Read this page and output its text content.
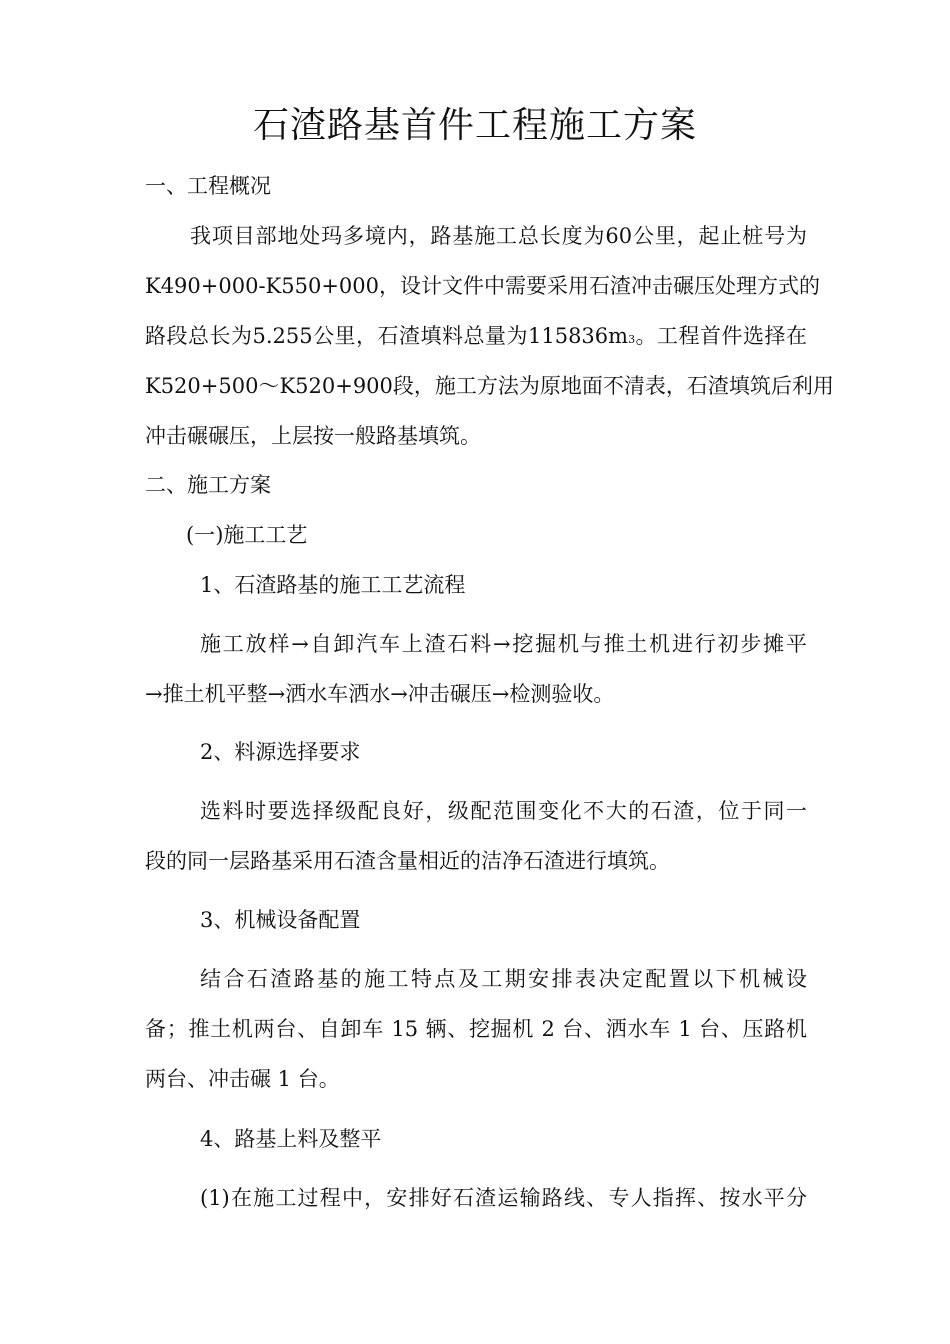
石渣路基首件工程施工方案
一、工程概况
我项目部地处玛多境内，路基施工总长度为60公里，起止桩号为
K490+000-K550+000，设计文件中需要采用石渣冲击碾压处理方式的
路段总长为5.255公里，石渣填料总量为115836m3。工程首件选择在
K520+500～K520+900段，施工方法为原地面不清表，石渣填筑后利用
冲击碾碾压，上层按一般路基填筑。
二、施工方案
(一)施工工艺
1、石渣路基的施工工艺流程
施工放样→自卸汽车上渣石料→挖掘机与推土机进行初步摊平
→推土机平整→洒水车洒水→冲击碾压→检测验收。
2、料源选择要求
选料时要选择级配良好，级配范围变化不大的石渣，位于同一
段的同一层路基采用石渣含量相近的洁净石渣进行填筑。
3、机械设备配置
结合石渣路基的施工特点及工期安排表决定配置以下机械设
备；推土机两台、自卸车 15 辆、挖掘机 2 台、洒水车 1 台、压路机
两台、冲击碾 1 台。
4、路基上料及整平
(1)在施工过程中，安排好石渣运输路线、专人指挥、按水平分
